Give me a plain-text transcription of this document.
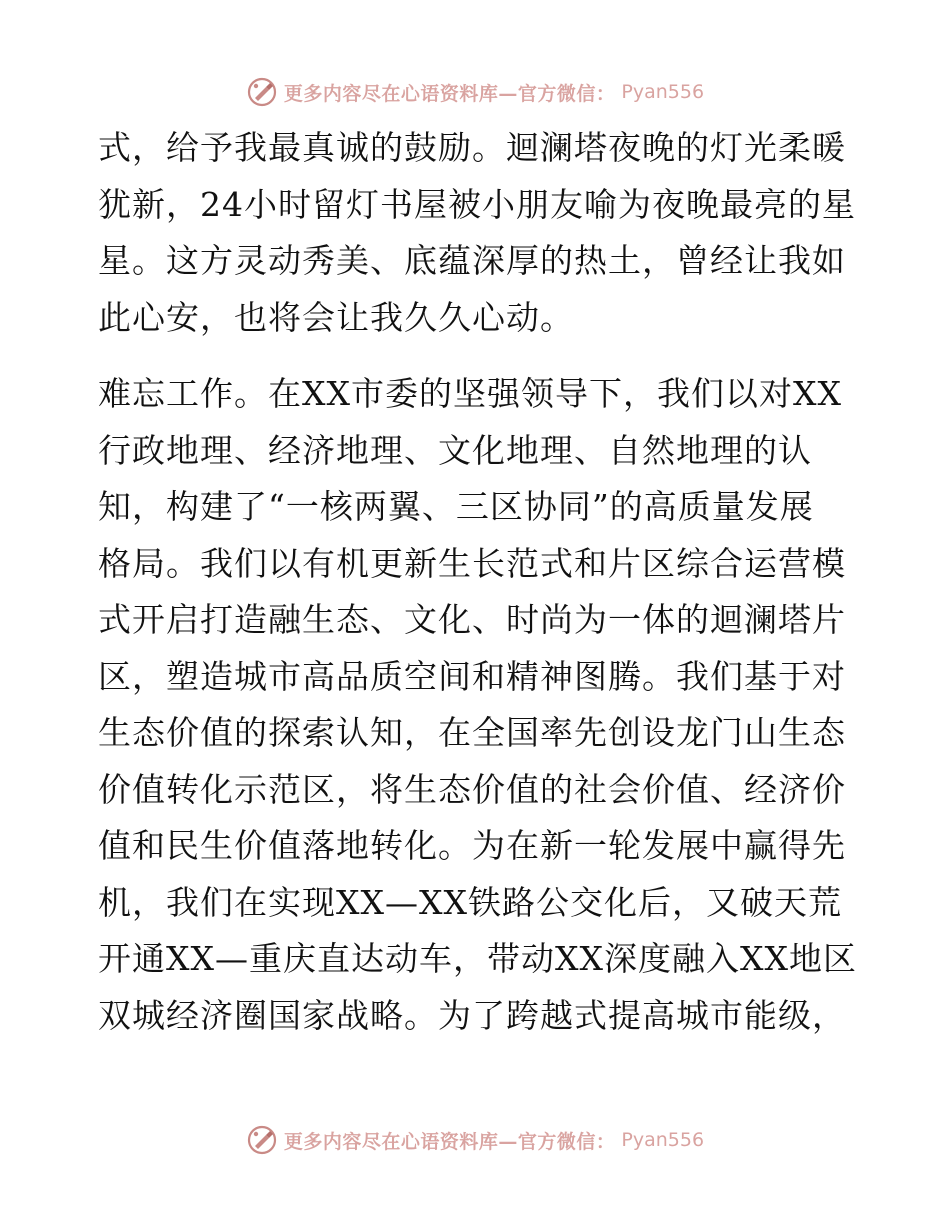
更多内容尽在心语资料库—官方微信： Pyan556
式，给予我最真诚的鼓励。迴澜塔夜晚的灯光柔暖
犹新，24小时留灯书屋被小朋友喻为夜晚最亮的星
星。这方灵动秀美、底蕴深厚的热土，曾经让我如
此心安，也将会让我久久心动。
难忘工作。在XX市委的坚强领导下，我们以对XX
行政地理、经济地理、文化地理、自然地理的认
知，构建了“一核两翼、三区协同”的高质量发展
格局。我们以有机更新生长范式和片区综合运营模
式开启打造融生态、文化、时尚为一体的迴澜塔片
区，塑造城市高品质空间和精神图腾。我们基于对
生态价值的探索认知，在全国率先创设龙门山生态
价值转化示范区，将生态价值的社会价值、经济价
值和民生价值落地转化。为在新一轮发展中赢得先
机，我们在实现XX—XX铁路公交化后，又破天荒
开通XX—重庆直达动车，带动XX深度融入XX地区
双城经济圈国家战略。为了跨越式提高城市能级，
更多内容尽在心语资料库—官方微信： Pyan556
